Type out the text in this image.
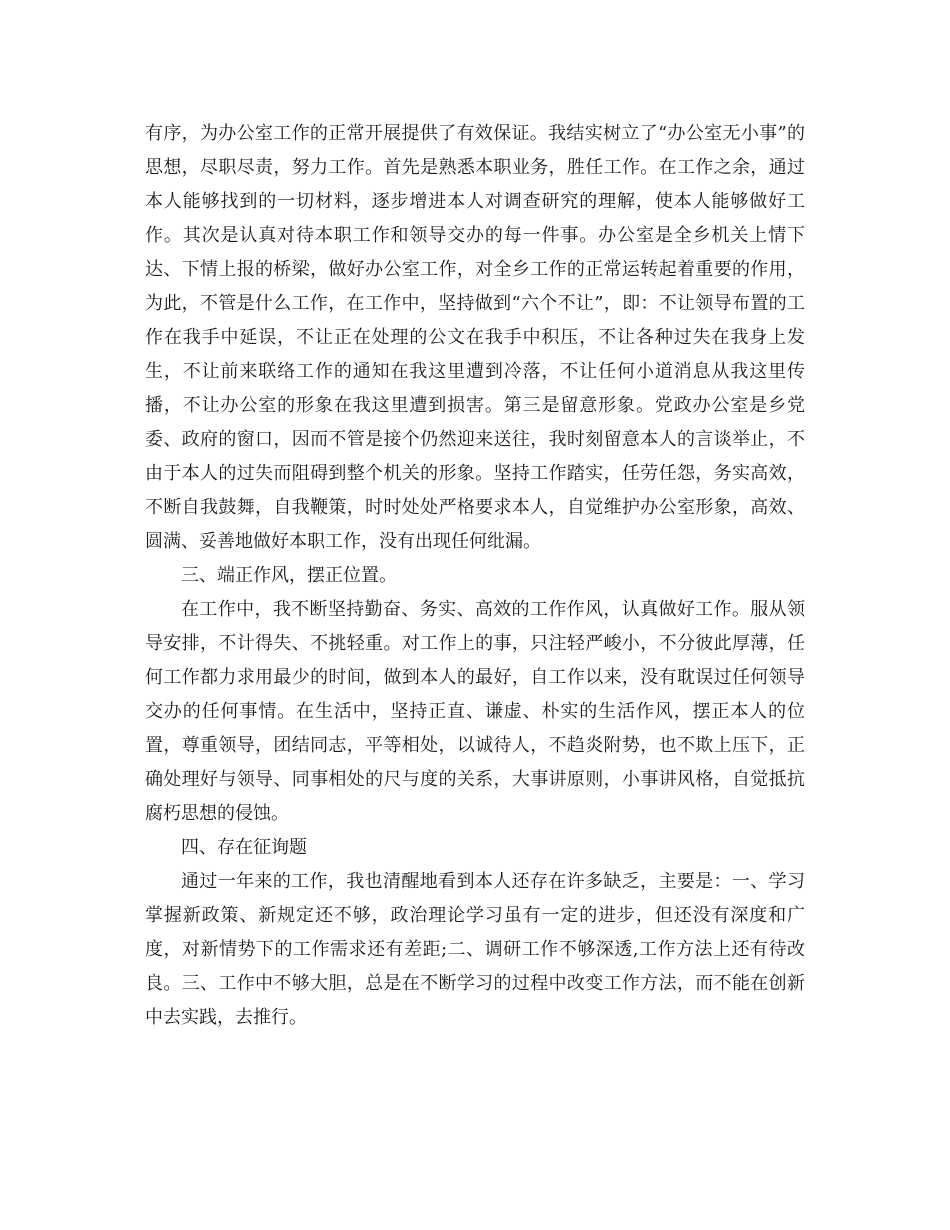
有序，为办公室工作的正常开展提供了有效保证。我结实树立了“办公室无小事”的思想，尽职尽责，努力工作。首先是熟悉本职业务，胜任工作。在工作之余，通过本人能够找到的一切材料，逐步增进本人对调查研究的理解，使本人能够做好工作。其次是认真对待本职工作和领导交办的每一件事。办公室是全乡机关上情下达、下情上报的桥梁，做好办公室工作，对全乡工作的正常运转起着重要的作用，为此，不管是什么工作，在工作中，坚持做到“六个不让”，即：不让领导布置的工作在我手中延误，不让正在处理的公文在我手中积压，不让各种过失在我身上发生，不让前来联络工作的通知在我这里遭到冷落，不让任何小道消息从我这里传播，不让办公室的形象在我这里遭到损害。第三是留意形象。党政办公室是乡党委、政府的窗口，因而不管是接个仍然迎来送往，我时刻留意本人的言谈举止，不由于本人的过失而阻碍到整个机关的形象。坚持工作踏实，任劳任怨，务实高效，不断自我鼓舞，自我鞭策，时时处处严格要求本人，自觉维护办公室形象，高效、圆满、妥善地做好本职工作，没有出现任何纰漏。

三、端正作风，摆正位置。

在工作中，我不断坚持勤奋、务实、高效的工作作风，认真做好工作。服从领导安排，不计得失、不挑轻重。对工作上的事，只注轻严峻小，不分彼此厚薄，任何工作都力求用最少的时间，做到本人的最好，自工作以来，没有耽误过任何领导交办的任何事情。在生活中，坚持正直、谦虚、朴实的生活作风，摆正本人的位置，尊重领导，团结同志，平等相处，以诚待人，不趋炎附势，也不欺上压下，正确处理好与领导、同事相处的尺与度的关系，大事讲原则，小事讲风格，自觉抵抗腐朽思想的侵蚀。

四、存在征询题

通过一年来的工作，我也清醒地看到本人还存在许多缺乏，主要是：一、学习掌握新政策、新规定还不够，政治理论学习虽有一定的进步，但还没有深度和广度，对新情势下的工作需求还有差距;二、调研工作不够深透,工作方法上还有待改良。三、工作中不够大胆，总是在不断学习的过程中改变工作方法，而不能在创新中去实践，去推行。
